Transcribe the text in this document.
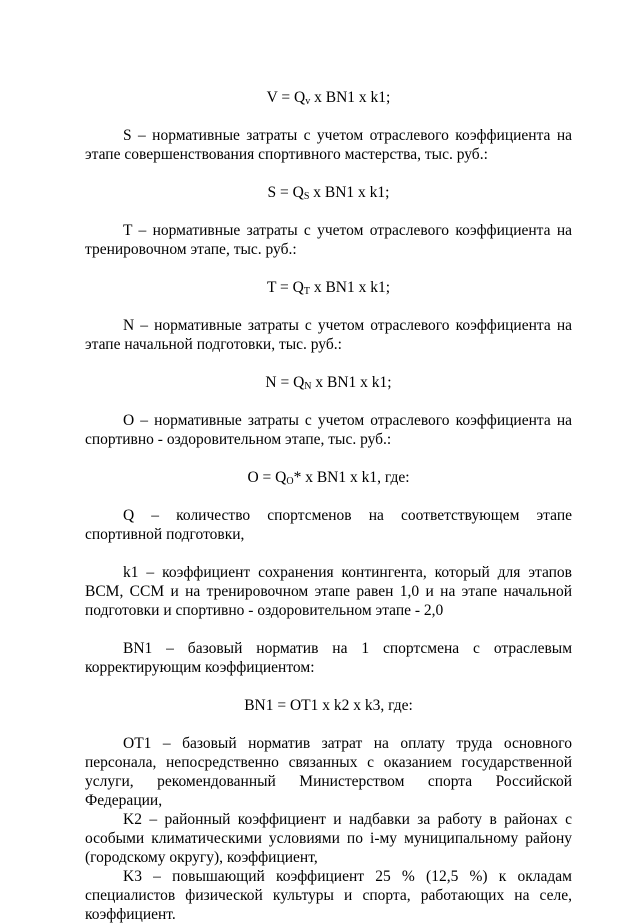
$V = Q_v$ x BN1 x k1;

S – нормативные затраты с учетом отраслевого коэффициента на этапе совершенствования спортивного мастерства, тыс. руб.:

$S = Q_S$ x BN1 x k1;

T – нормативные затраты с учетом отраслевого коэффициента на тренировочном этапе, тыс. руб.:

$T = Q_T$ x BN1 x k1;

N – нормативные затраты с учетом отраслевого коэффициента на этапе начальной подготовки, тыс. руб.:

$N = Q_N$ x BN1 x k1;

O – нормативные затраты с учетом отраслевого коэффициента на спортивно - оздоровительном этапе, тыс. руб.:

$O = Q_O*$ x BN1 x k1, где:

Q – количество спортсменов на соответствующем этапе спортивной подготовки,

k1 – коэффициент сохранения контингента, который для этапов ВСМ, ССМ и на тренировочном этапе равен 1,0 и на этапе начальной подготовки и спортивно - оздоровительном этапе - 2,0

BN1 – базовый норматив на 1 спортсмена с отраслевым корректирующим коэффициентом:

BN1 = OT1 x k2 x k3, где:

OT1 – базовый норматив затрат на оплату труда основного персонала, непосредственно связанных с оказанием государственной услуги, рекомендованный Министерством спорта Российской Федерации,

K2 – районный коэффициент и надбавки за работу в районах с особыми климатическими условиями по i-му муниципальному району (городскому округу), коэффициент,

K3 – повышающий коэффициент 25 % (12,5 %) к окладам специалистов физической культуры и спорта, работающих на селе, коэффициент.
